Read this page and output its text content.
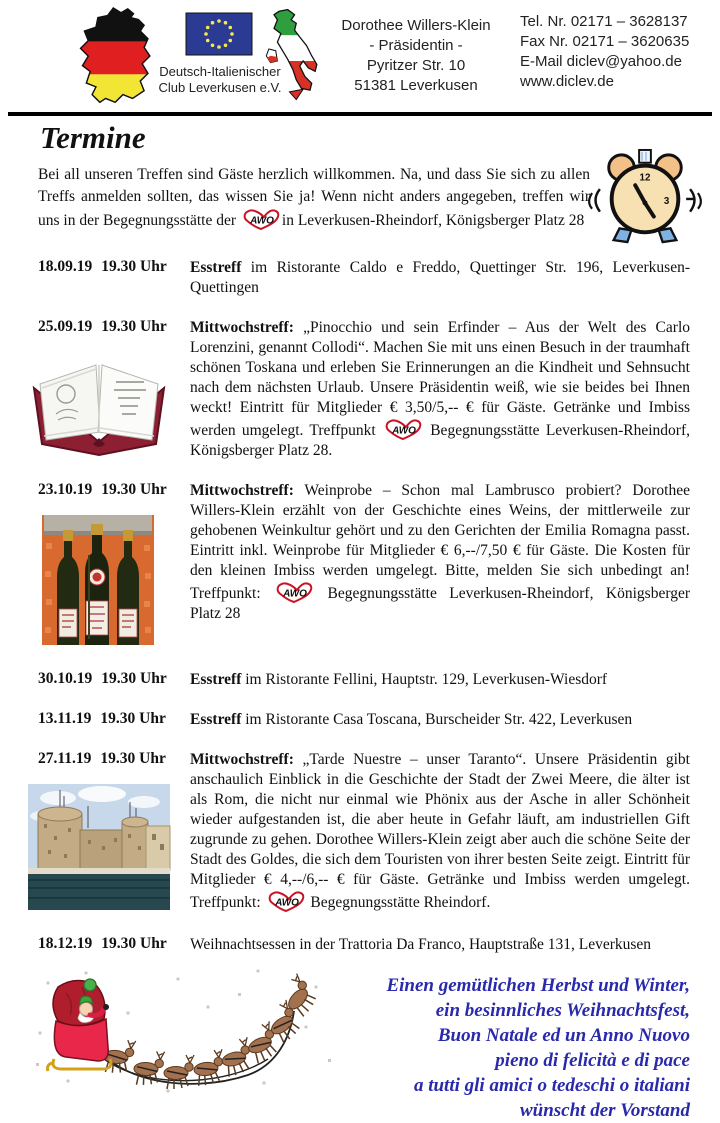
Deutsch-Italienischer
Club Leverkusen e.V.
Dorothee Willers-Klein
- Präsidentin -
Pyritzer Str. 10
51381 Leverkusen
Tel. Nr. 02171 – 3628137
Fax Nr. 02171 – 3620635
E-Mail diclev@yahoo.de
www.diclev.de
Termine

Bei all unseren Treffen sind Gäste herzlich willkommen. Na, und dass Sie sich zu allen Treffs anmelden sollten, das wissen Sie ja! Wenn nicht anders angegeben, treffen wir uns in der Begegnungsstätte der AWO in Leverkusen-Rheindorf, Königsberger Platz 28

12
3
18.09.19 19.30 Uhr	Esstreff im Ristorante Caldo e Freddo, Quettinger Str. 196, Leverkusen-Quettingen
25.09.19 19.30 Uhr	Mittwochstreff: „Pinocchio und sein Erfinder – Aus der Welt des Carlo Lorenzini, genannt Collodi“. Machen Sie mit uns einen Besuch in der traumhaft schönen Toskana und erleben Sie Erinnerungen an die Kindheit und Sehnsucht nach dem nächsten Urlaub. Unsere Präsidentin weiß, wie sie beides bei Ihnen weckt! Eintritt für Mitglieder € 3,50/5,-- € für Gäste. Getränke und Imbiss werden umgelegt. Treffpunkt AWO Begegnungsstätte Leverkusen-Rheindorf, Königsberger Platz 28.
23.10.19 19.30 Uhr	Mittwochstreff: Weinprobe – Schon mal Lambrusco probiert? Dorothee Willers-Klein erzählt von der Geschichte eines Weins, der mittlerweile zur gehobenen Weinkultur gehört und zu den Gerichten der Emilia Romagna passt. Eintritt inkl. Weinprobe für Mitglieder € 6,--/7,50 € für Gäste. Die Kosten für den kleinen Imbiss werden umgelegt. Bitte, melden Sie sich unbedingt an! Treffpunkt: AWO Begegnungsstätte Leverkusen-Rheindorf, Königsberger Platz 28
30.10.19 19.30 Uhr	Esstreff im Ristorante Fellini, Hauptstr. 129, Leverkusen-Wiesdorf
13.11.19 19.30 Uhr	Esstreff im Ristorante Casa Toscana, Burscheider Str. 422, Leverkusen
27.11.19 19.30 Uhr	Mittwochstreff: „Tarde Nuestre – unser Taranto“. Unsere Präsidentin gibt anschaulich Einblick in die Geschichte der Stadt der Zwei Meere, die älter ist als Rom, die nicht nur einmal wie Phönix aus der Asche in aller Schönheit wieder aufgestanden ist, die aber heute in Gefahr läuft, am industriellen Gift zugrunde zu gehen. Dorothee Willers-Klein zeigt aber auch die schöne Seite der Stadt des Goldes, die sich dem Touristen von ihrer besten Seite zeigt. Eintritt für Mitglieder € 4,--/6,-- € für Gäste. Getränke und Imbiss werden umgelegt. Treffpunkt: AWO Begegnungsstätte Rheindorf.
18.12.19 19.30 Uhr	Weihnachtsessen in der Trattoria Da Franco, Hauptstraße 131, Leverkusen
Einen gemütlichen Herbst und Winter,
ein besinnliches Weihnachtsfest,
Buon Natale ed un Anno Nuovo
pieno di felicità e di pace
a tutti gli amici o tedeschi o italiani
wünscht der Vorstand
